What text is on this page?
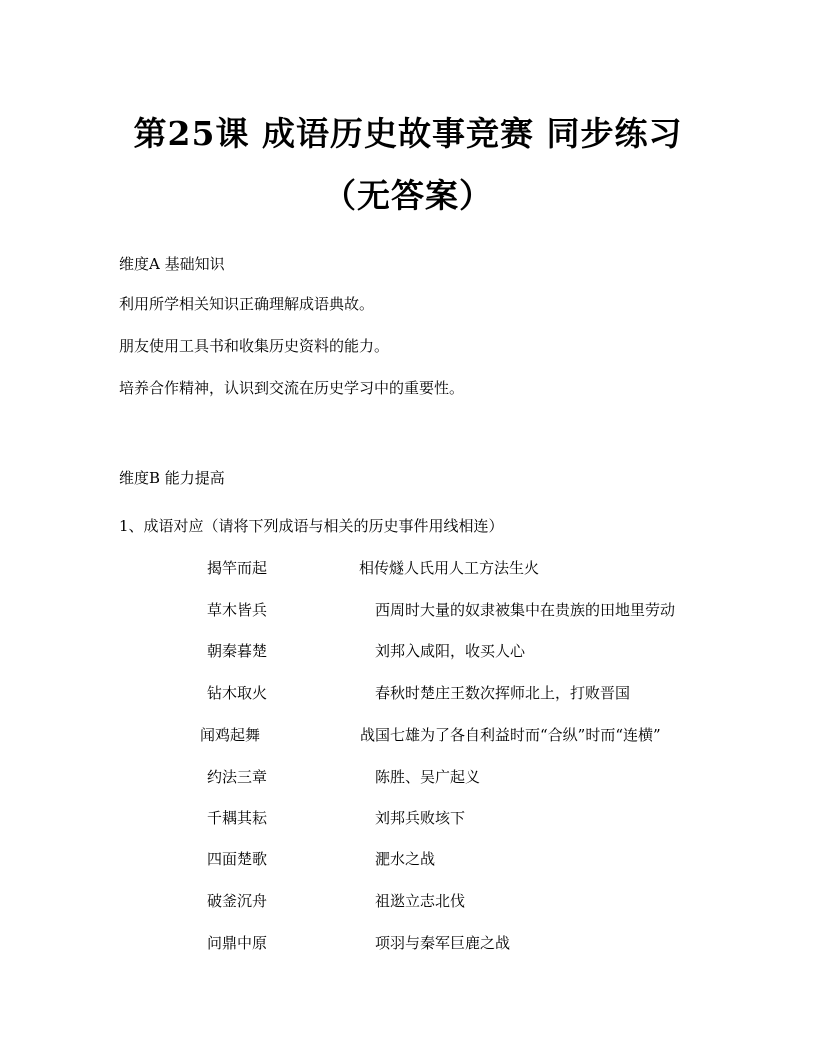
第25课 成语历史故事竞赛 同步练习
（无答案）

维度A 基础知识

利用所学相关知识正确理解成语典故。

朋友使用工具书和收集历史资料的能力。

培养合作精神，认识到交流在历史学习中的重要性。

维度B 能力提高

1、成语对应（请将下列成语与相关的历史事件用线相连）

揭竿而起	相传燧人氏用人工方法生火
草木皆兵	西周时大量的奴隶被集中在贵族的田地里劳动
朝秦暮楚	刘邦入咸阳，收买人心
钻木取火	春秋时楚庄王数次挥师北上，打败晋国
闻鸡起舞	战国七雄为了各自利益时而“合纵”时而“连横”
约法三章	陈胜、吴广起义
千耦其耘	刘邦兵败垓下
四面楚歌	淝水之战
破釜沉舟	祖逖立志北伐
问鼎中原	项羽与秦军巨鹿之战
